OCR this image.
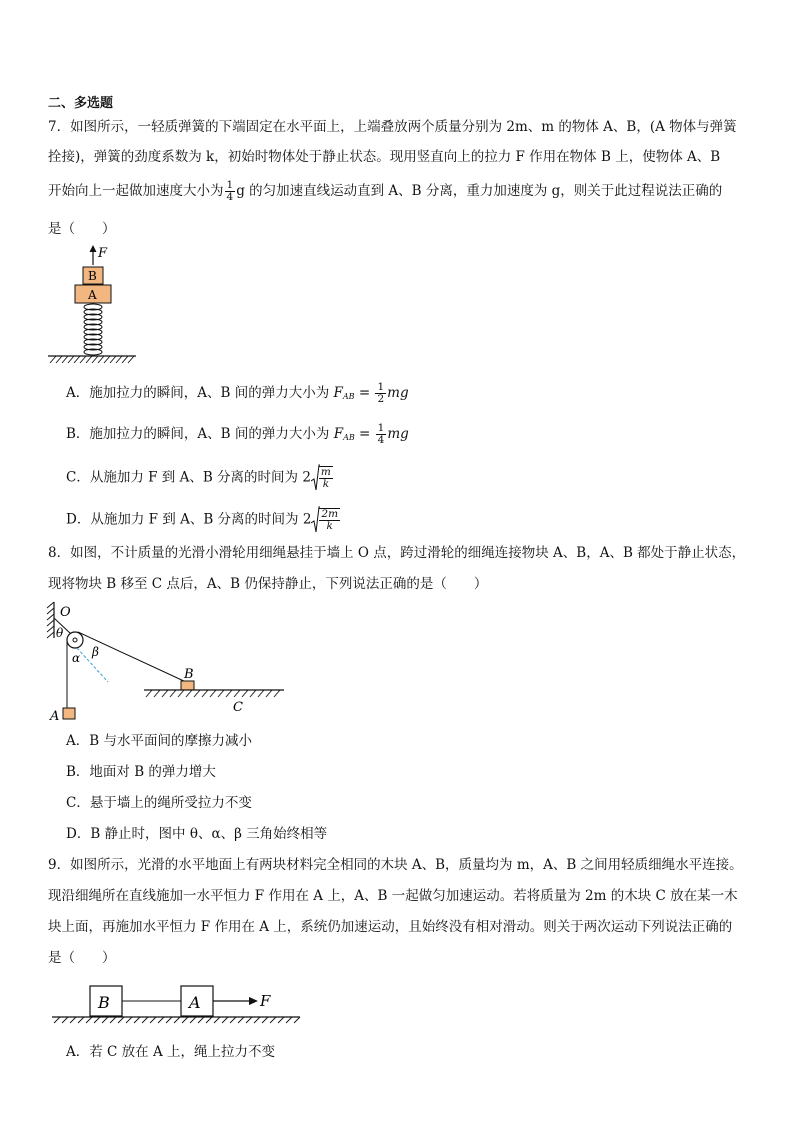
二、多选题
7．如图所示，一轻质弹簧的下端固定在水平面上，上端叠放两个质量分别为 2m、m 的物体 A、B，(A 物体与弹簧
拴接)，弹簧的劲度系数为 k，初始时物体处于静止状态。现用竖直向上的拉力 F 作用在物体 B 上，使物体 A、B
开始向上一起做加速度大小为 $\frac{1}{4}$ g 的匀加速直线运动直到 A、B 分离，重力加速度为 g，则关于此过程说法正确的
是（　　）
F
B
A
A．施加拉力的瞬间，A、B 间的弹力大小为 $F_{AB} = \frac{1}{2}$ mg
B．施加拉力的瞬间，A、B 间的弹力大小为 $F_{AB} = \frac{1}{4}$ mg
C．从施加力 F 到 A、B 分离的时间为 $2 \frac{m}{k}$
D．从施加力 F 到 A、B 分离的时间为 $2 \frac{2m}{k}$
8．如图，不计质量的光滑小滑轮用细绳悬挂于墙上 O 点，跨过滑轮的细绳连接物块 A、B，A、B 都处于静止状态，
现将物块 B 移至 C 点后，A、B 仍保持静止，下列说法正确的是（　　）
O
θ
α β
A
B
C
A．B 与水平面间的摩擦力减小
B．地面对 B 的弹力增大
C．悬于墙上的绳所受拉力不变
D．B 静止时，图中 θ、α、β 三角始终相等
9．如图所示，光滑的水平地面上有两块材料完全相同的木块 A、B，质量均为 m，A、B 之间用轻质细绳水平连接。
现沿细绳所在直线施加一水平恒力 F 作用在 A 上，A、B 一起做匀加速运动。若将质量为 2m 的木块 C 放在某一木
块上面，再施加水平恒力 F 作用在 A 上，系统仍加速运动，且始终没有相对滑动。则关于两次运动下列说法正确的
是（　　）
B	A	F
A．若 C 放在 A 上，绳上拉力不变
